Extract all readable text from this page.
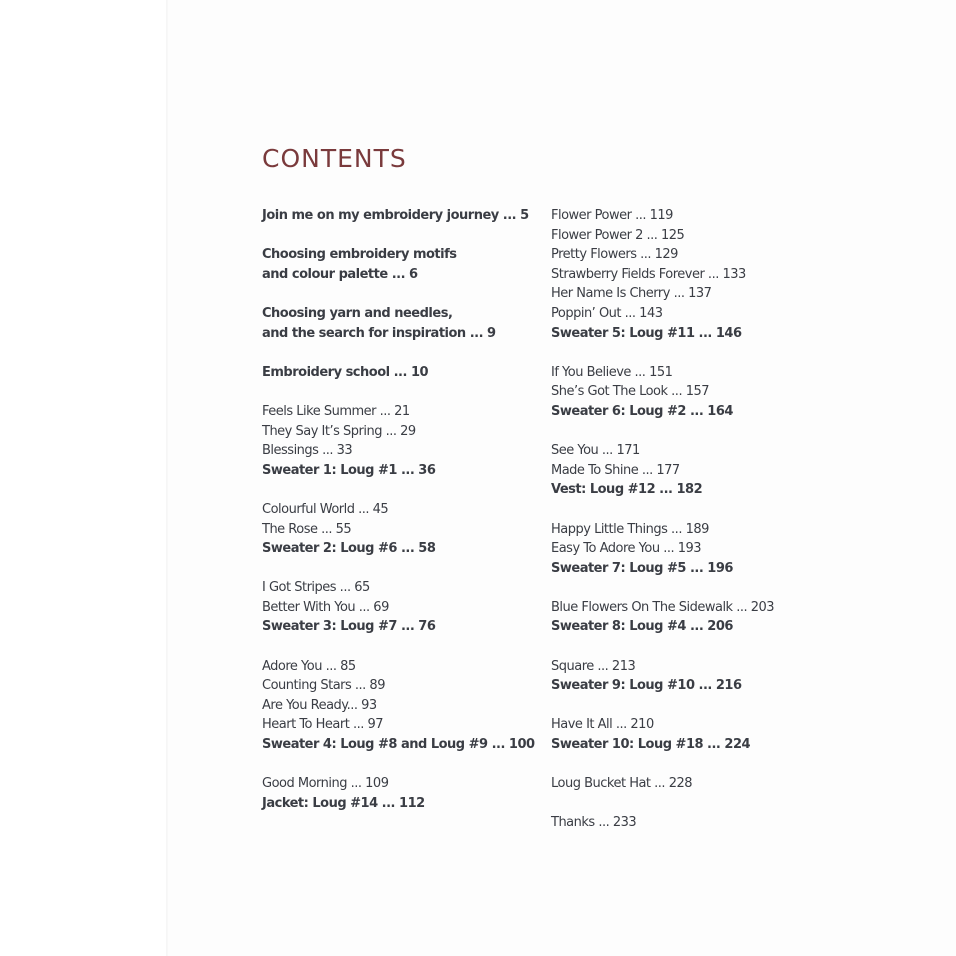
CONTENTS
Join me on my embroidery journey ... 5
Choosing embroidery motifs
and colour palette ... 6
Choosing yarn and needles,
and the search for inspiration ... 9
Embroidery school ... 10
Feels Like Summer ... 21
They Say It’s Spring ... 29
Blessings ... 33
Sweater 1: Loug #1 ... 36
Colourful World ... 45
The Rose ... 55
Sweater 2: Loug #6 ... 58
I Got Stripes ... 65
Better With You ... 69
Sweater 3: Loug #7 ... 76
Adore You ... 85
Counting Stars ... 89
Are You Ready... 93
Heart To Heart ... 97
Sweater 4: Loug #8 and Loug #9 ... 100
Good Morning ... 109
Jacket: Loug #14 ... 112
Flower Power ... 119
Flower Power 2 ... 125
Pretty Flowers ... 129
Strawberry Fields Forever ... 133
Her Name Is Cherry ... 137
Poppin’ Out ... 143
Sweater 5: Loug #11 ... 146
If You Believe ... 151
She’s Got The Look ... 157
Sweater 6: Loug #2 ... 164
See You ... 171
Made To Shine ... 177
Vest: Loug #12 ... 182
Happy Little Things ... 189
Easy To Adore You ... 193
Sweater 7: Loug #5 ... 196
Blue Flowers On The Sidewalk ... 203
Sweater 8: Loug #4 ... 206
Square ... 213
Sweater 9: Loug #10 ... 216
Have It All ... 210
Sweater 10: Loug #18 ... 224
Loug Bucket Hat ... 228
Thanks ... 233
